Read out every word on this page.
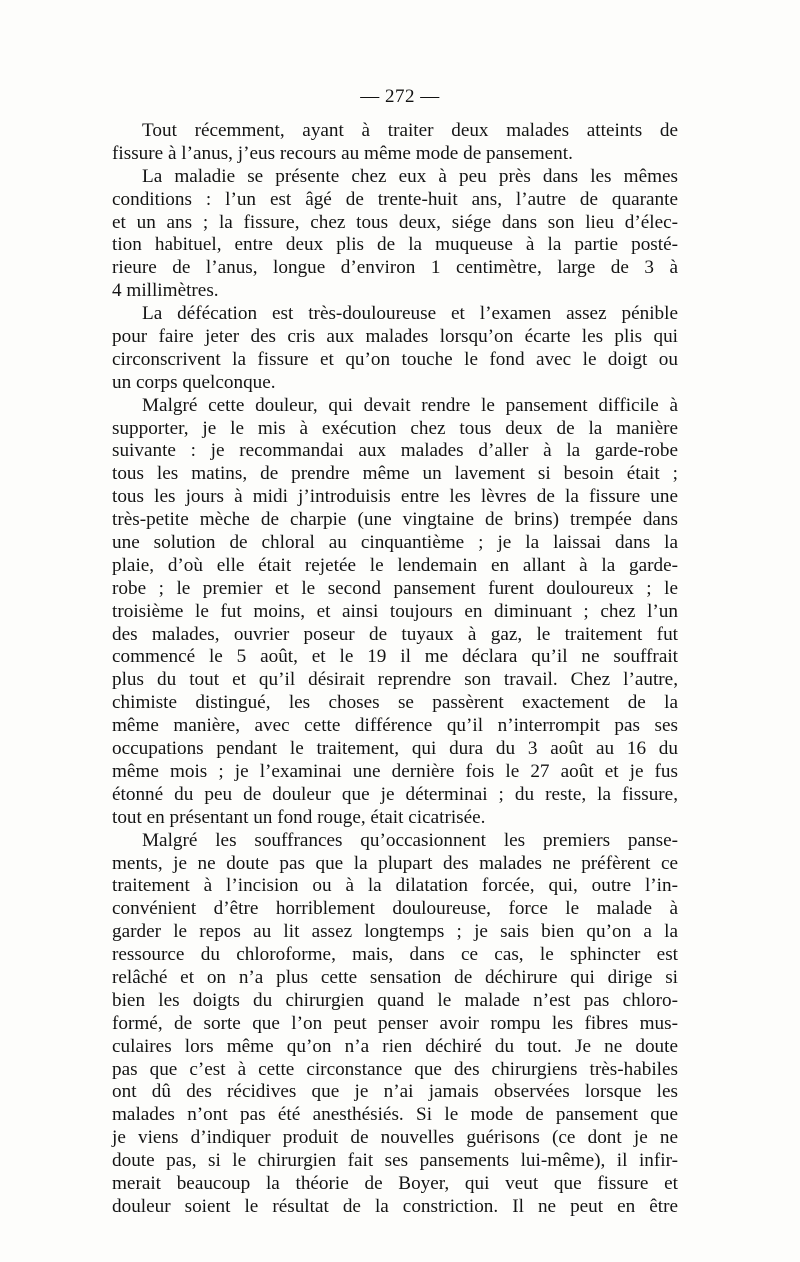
— 272 —
Tout récemment, ayant à traiter deux malades atteints de
fissure à l’anus, j’eus recours au même mode de pansement.
La maladie se présente chez eux à peu près dans les mêmes
conditions : l’un est âgé de trente-huit ans, l’autre de quarante
et un ans ; la fissure, chez tous deux, siége dans son lieu d’élec-
tion habituel, entre deux plis de la muqueuse à la partie posté-
rieure de l’anus, longue d’environ 1 centimètre, large de 3 à
4 millimètres.
La défécation est très-douloureuse et l’examen assez pénible
pour faire jeter des cris aux malades lorsqu’on écarte les plis qui
circonscrivent la fissure et qu’on touche le fond avec le doigt ou
un corps quelconque.
Malgré cette douleur, qui devait rendre le pansement difficile à
supporter, je le mis à exécution chez tous deux de la manière
suivante : je recommandai aux malades d’aller à la garde-robe
tous les matins, de prendre même un lavement si besoin était ;
tous les jours à midi j’introduisis entre les lèvres de la fissure une
très-petite mèche de charpie (une vingtaine de brins) trempée dans
une solution de chloral au cinquantième ; je la laissai dans la
plaie, d’où elle était rejetée le lendemain en allant à la garde-
robe ; le premier et le second pansement furent douloureux ; le
troisième le fut moins, et ainsi toujours en diminuant ; chez l’un
des malades, ouvrier poseur de tuyaux à gaz, le traitement fut
commencé le 5 août, et le 19 il me déclara qu’il ne souffrait
plus du tout et qu’il désirait reprendre son travail. Chez l’autre,
chimiste distingué, les choses se passèrent exactement de la
même manière, avec cette différence qu’il n’interrompit pas ses
occupations pendant le traitement, qui dura du 3 août au 16 du
même mois ; je l’examinai une dernière fois le 27 août et je fus
étonné du peu de douleur que je déterminai ; du reste, la fissure,
tout en présentant un fond rouge, était cicatrisée.
Malgré les souffrances qu’occasionnent les premiers panse-
ments, je ne doute pas que la plupart des malades ne préfèrent ce
traitement à l’incision ou à la dilatation forcée, qui, outre l’in-
convénient d’être horriblement douloureuse, force le malade à
garder le repos au lit assez longtemps ; je sais bien qu’on a la
ressource du chloroforme, mais, dans ce cas, le sphincter est
relâché et on n’a plus cette sensation de déchirure qui dirige si
bien les doigts du chirurgien quand le malade n’est pas chloro-
formé, de sorte que l’on peut penser avoir rompu les fibres mus-
culaires lors même qu’on n’a rien déchiré du tout. Je ne doute
pas que c’est à cette circonstance que des chirurgiens très-habiles
ont dû des récidives que je n’ai jamais observées lorsque les
malades n’ont pas été anesthésiés. Si le mode de pansement que
je viens d’indiquer produit de nouvelles guérisons (ce dont je ne
doute pas, si le chirurgien fait ses pansements lui-même), il infir-
merait beaucoup la théorie de Boyer, qui veut que fissure et
douleur soient le résultat de la constriction. Il ne peut en être
